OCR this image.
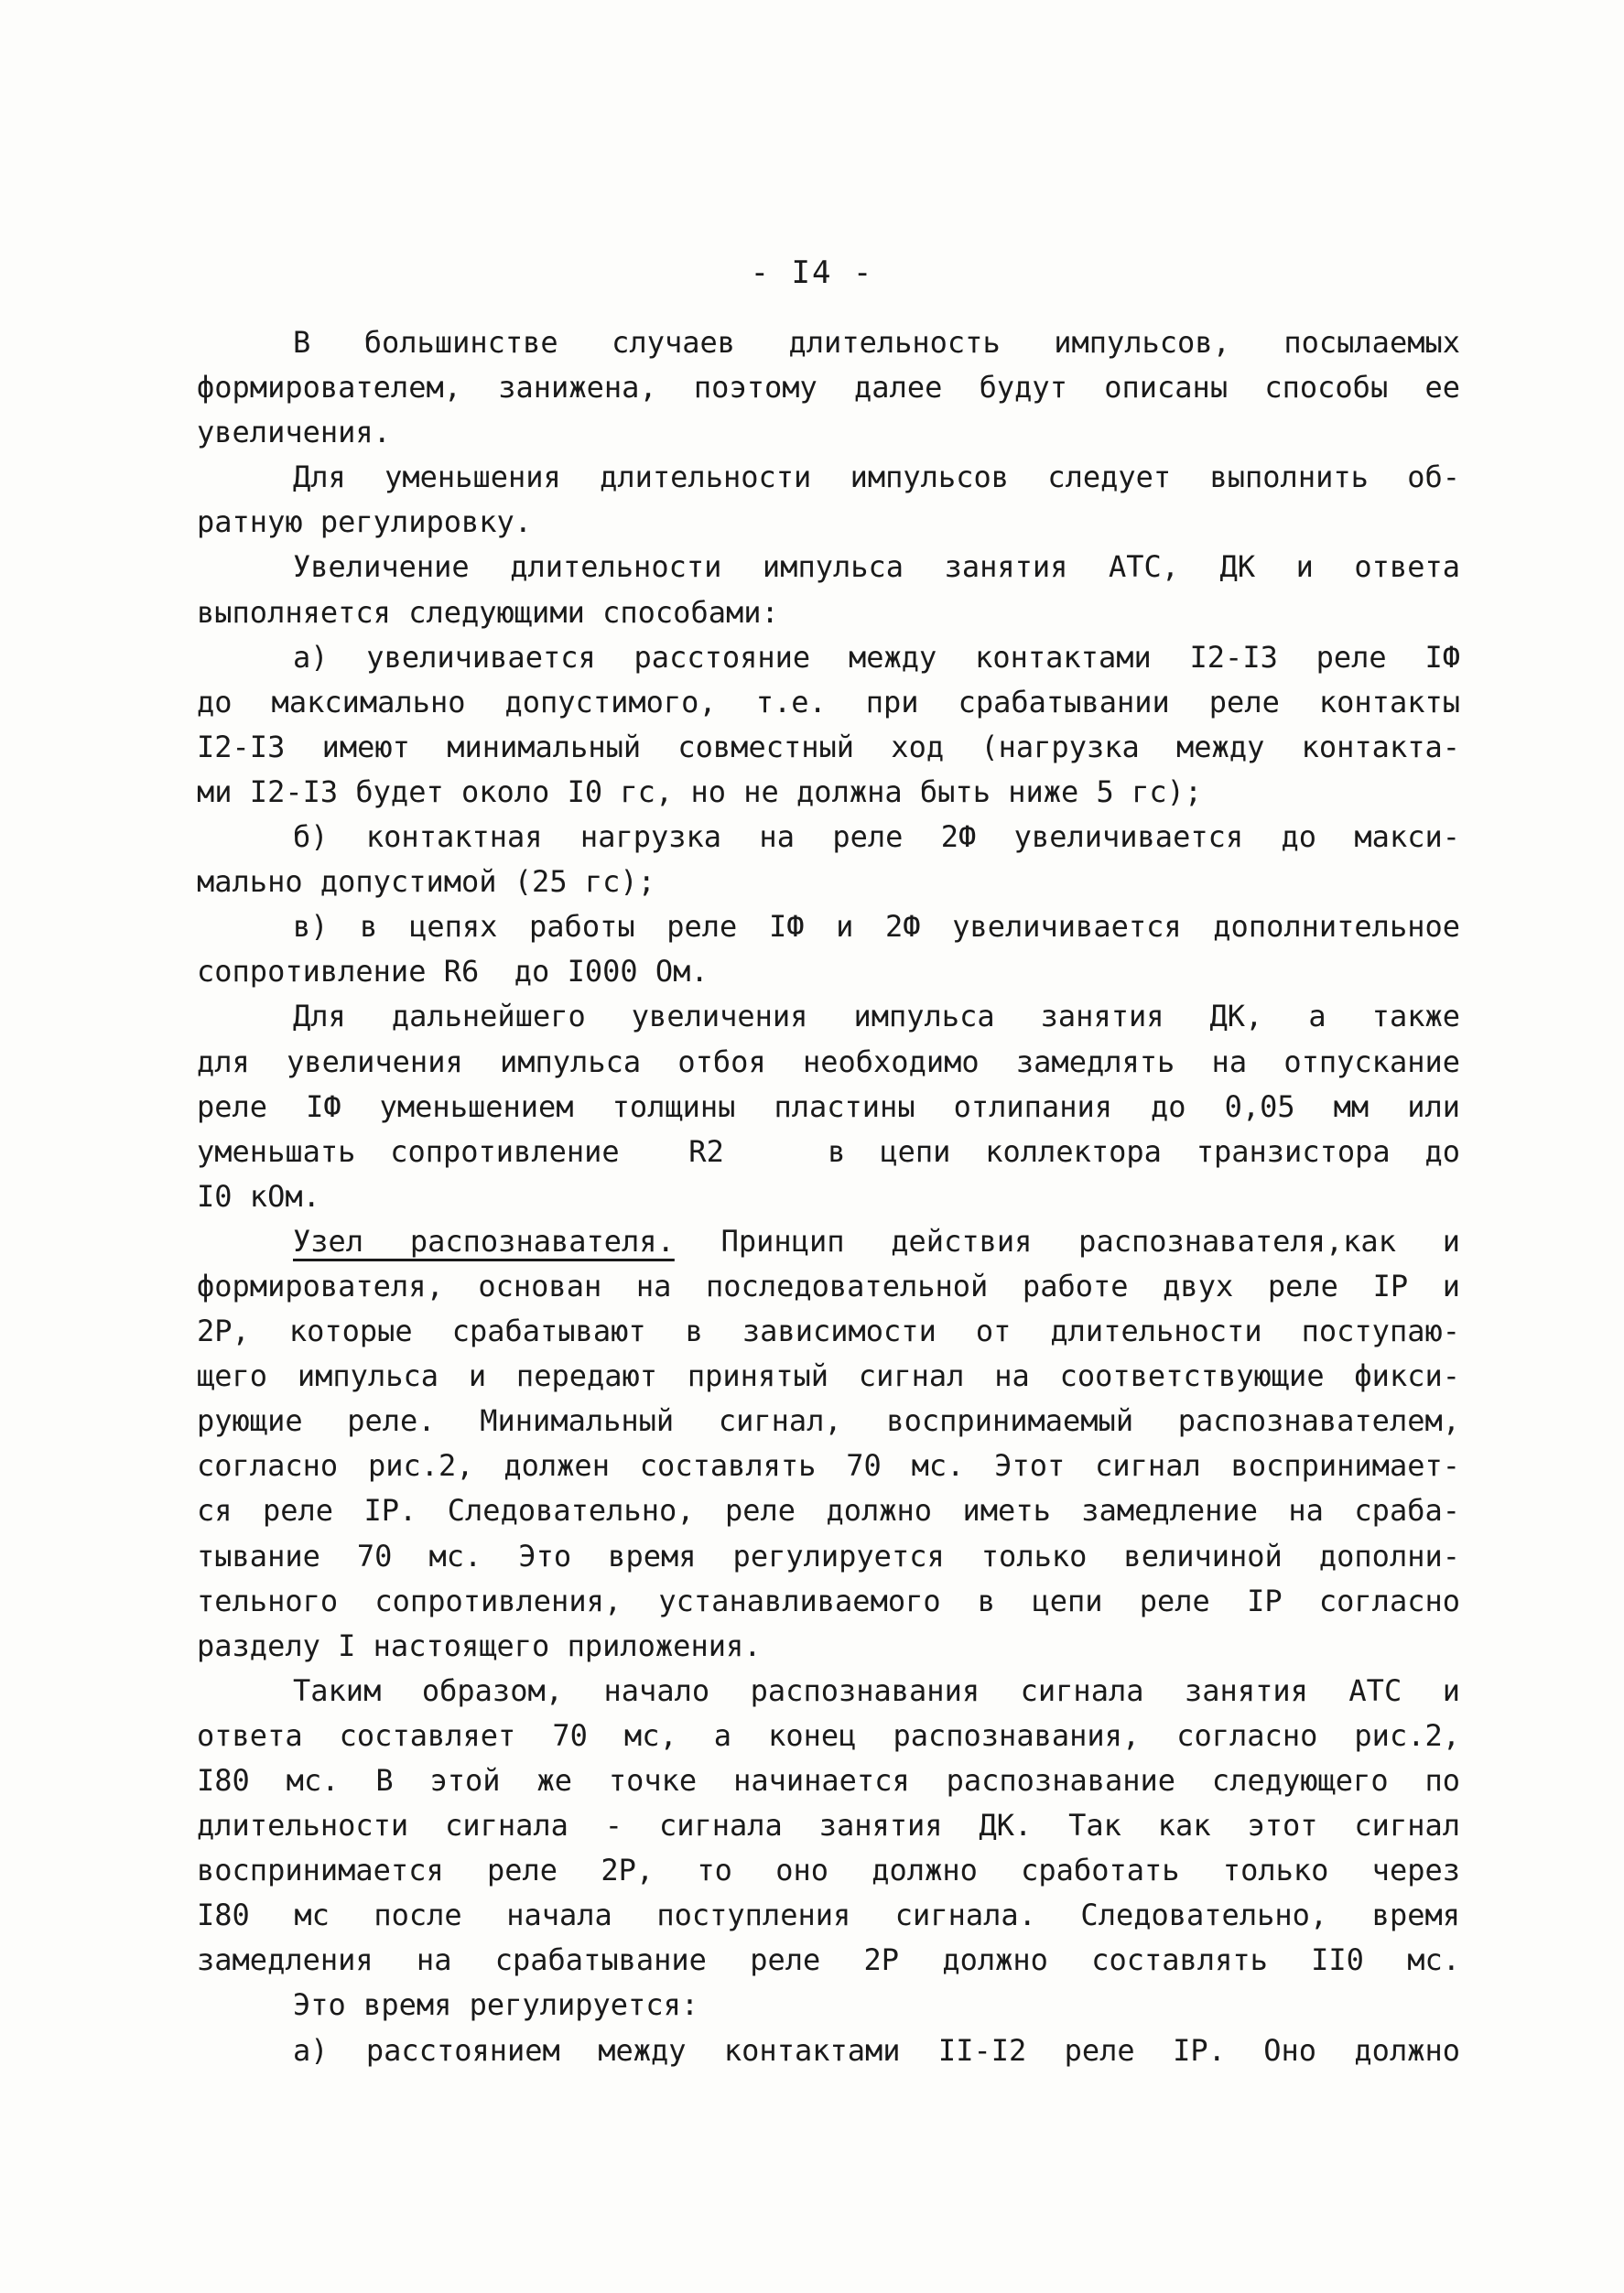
- I4 -
В большинстве случаев длительность импульсов, посылаемых
формирователем, занижена, поэтому далее будут описаны способы ее
увеличения.
Для уменьшения длительности импульсов следует выполнить об-
ратную регулировку.
Увеличение длительности импульса занятия АТС, ДК и ответа
выполняется следующими способами:
а) увеличивается расстояние между контактами I2-I3 реле IФ
до максимально допустимого, т.е. при срабатывании реле контакты
I2-I3 имеют минимальный совместный ход (нагрузка между контакта-
ми I2-I3 будет около I0 гс, но не должна быть ниже 5 гс);
б) контактная нагрузка на реле 2Ф увеличивается до макси-
мально допустимой (25 гс);
в) в цепях работы реле IФ и 2Ф увеличивается дополнительное
сопротивление R6  до I000 Ом.
Для дальнейшего увеличения импульса занятия ДК, а также
для увеличения импульса отбоя необходимо замедлять на отпускание
реле IФ уменьшением толщины пластины отлипания до 0,05 мм или
уменьшать сопротивление  R2   в цепи коллектора транзистора до
I0 кОм.
Узел распознавателя. Принцип действия распознавателя,как и
формирователя, основан на последовательной работе двух реле IР и
2Р, которые срабатывают в зависимости от длительности поступаю-
щего импульса и передают принятый сигнал на соответствующие фикси-
рующие реле. Минимальный сигнал, воспринимаемый распознавателем,
согласно рис.2, должен составлять 70 мс. Этот сигнал воспринимает-
ся реле IР. Следовательно, реле должно иметь замедление на сраба-
тывание 70 мс. Это время регулируется только величиной дополни-
тельного сопротивления, устанавливаемого в цепи реле IР согласно
разделу I настоящего приложения.
Таким образом, начало распознавания сигнала занятия АТС и
ответа составляет 70 мс, а конец распознавания, согласно рис.2,
I80 мс. В этой же точке начинается распознавание следующего по
длительности сигнала - сигнала занятия ДК. Так как этот сигнал
воспринимается реле 2Р, то оно должно сработать только через
I80 мс после начала поступления сигнала. Следовательно, время
замедления на срабатывание реле 2Р должно составлять II0 мс.
Это время регулируется:
а) расстоянием между контактами II-I2 реле IР. Оно должно
